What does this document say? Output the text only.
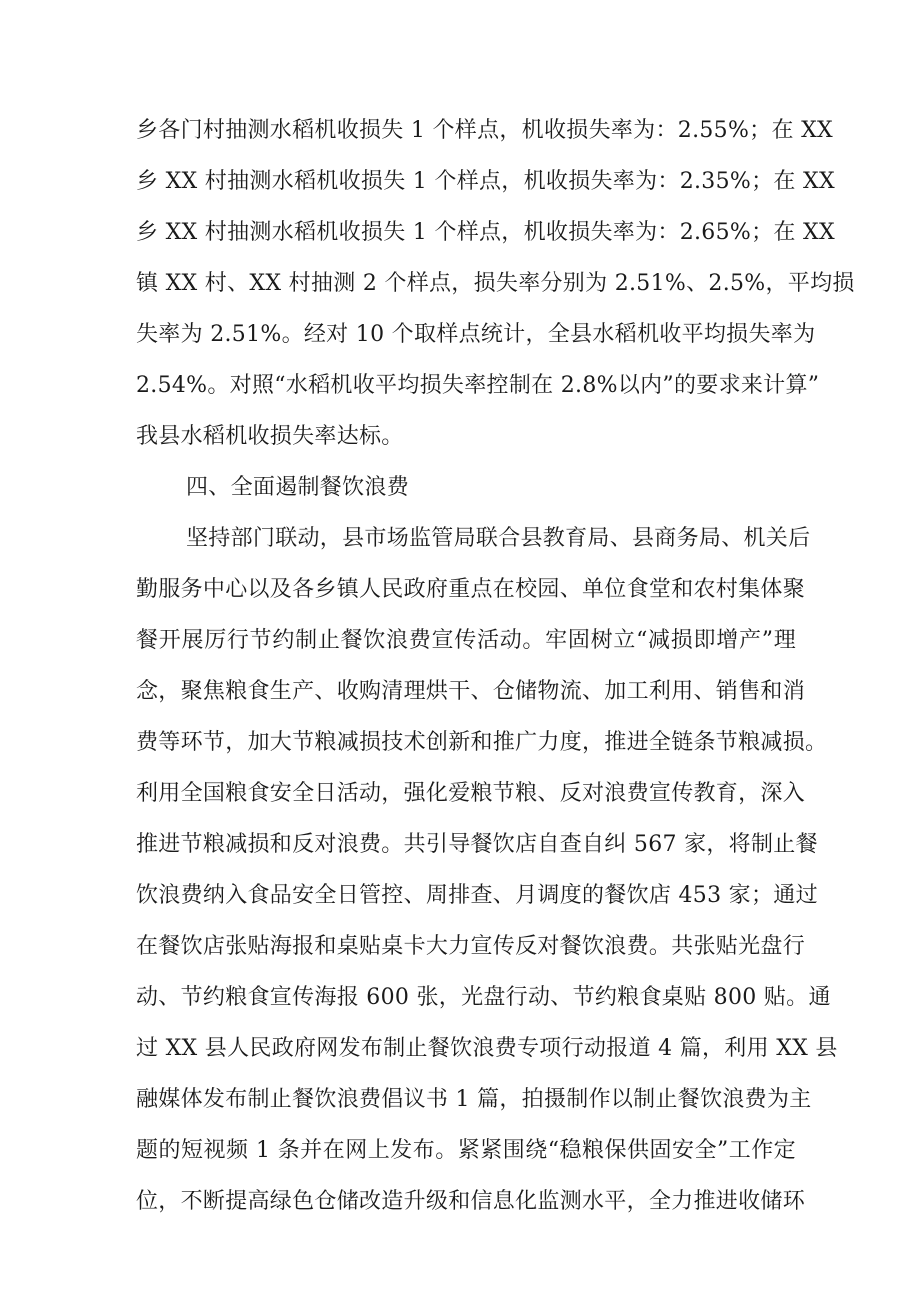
乡各门村抽测水稻机收损失 1 个样点，机收损失率为：2.55%；在 XX
乡 XX 村抽测水稻机收损失 1 个样点，机收损失率为：2.35%；在 XX
乡 XX 村抽测水稻机收损失 1 个样点，机收损失率为：2.65%；在 XX
镇 XX 村、XX 村抽测 2 个样点，损失率分别为 2.51%、2.5%，平均损
失率为 2.51%。经对 10 个取样点统计，全县水稻机收平均损失率为
2.54%。对照“水稻机收平均损失率控制在 2.8%以内”的要求来计算”
我县水稻机收损失率达标。
四、全面遏制餐饮浪费
坚持部门联动，县市场监管局联合县教育局、县商务局、机关后
勤服务中心以及各乡镇人民政府重点在校园、单位食堂和农村集体聚
餐开展厉行节约制止餐饮浪费宣传活动。牢固树立“减损即增产”理
念，聚焦粮食生产、收购清理烘干、仓储物流、加工利用、销售和消
费等环节，加大节粮减损技术创新和推广力度，推进全链条节粮减损。
利用全国粮食安全日活动，强化爱粮节粮、反对浪费宣传教育，深入
推进节粮减损和反对浪费。共引导餐饮店自查自纠 567 家，将制止餐
饮浪费纳入食品安全日管控、周排查、月调度的餐饮店 453 家；通过
在餐饮店张贴海报和桌贴桌卡大力宣传反对餐饮浪费。共张贴光盘行
动、节约粮食宣传海报 600 张，光盘行动、节约粮食桌贴 800 贴。通
过 XX 县人民政府网发布制止餐饮浪费专项行动报道 4 篇，利用 XX 县
融媒体发布制止餐饮浪费倡议书 1 篇，拍摄制作以制止餐饮浪费为主
题的短视频 1 条并在网上发布。紧紧围绕“稳粮保供固安全”工作定
位，不断提高绿色仓储改造升级和信息化监测水平，全力推进收储环
